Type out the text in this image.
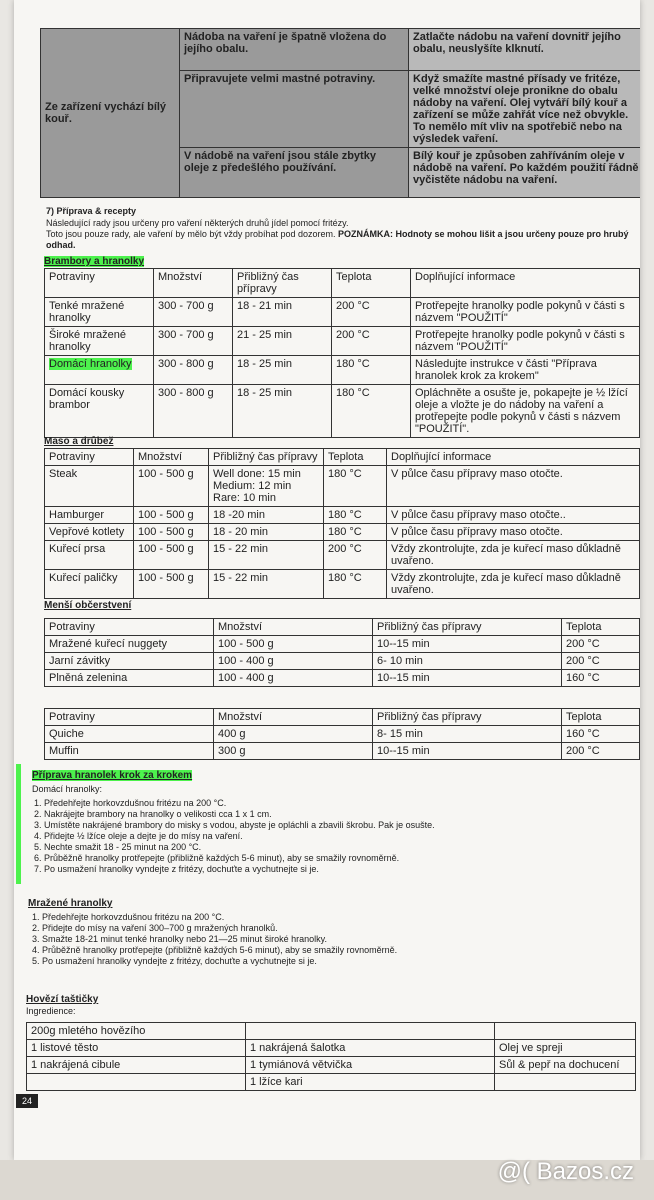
Ze zařízení vychází bílý kouř.	Nádoba na vaření je špatně vložena do jejího obalu.	Zatlačte nádobu na vaření dovnitř jejího obalu, neuslyšíte klknutí.
	Připravujete velmi mastné potraviny.	Když smažíte mastné přísady ve fritéze, velké množství oleje pronikne do obalu nádoby na vaření. Olej vytváří bílý kouř a zařízení se může zahřát více než obvykle. To nemělo mít vliv na spotřebič nebo na výsledek vaření.
	V nádobě na vaření jsou stále zbytky oleje z předešlého používání.	Bílý kouř je způsoben zahříváním oleje v nádobě na vaření. Po každém použití řádně vyčistěte nádobu na vaření.
7) Příprava & recepty
Následující rady jsou určeny pro vaření některých druhů jídel pomocí fritézy.
Toto jsou pouze rady, ale vaření by mělo být vždy probíhat pod dozorem. POZNÁMKA: Hodnoty se mohou lišit a jsou určeny pouze pro hrubý odhad.
Brambory a hranolky
Potraviny	Množství	Přibližný čas přípravy	Teplota	Doplňující informace
Tenké mražené hranolky	300 - 700 g	18 - 21 min	200 °C	Protřepejte hranolky podle pokynů v části s názvem "POUŽITÍ"
Široké mražené hranolky	300 - 700 g	21 - 25 min	200 °C	Protřepejte hranolky podle pokynů v části s názvem "POUŽITÍ"
Domácí hranolky	300 - 800 g	18 - 25 min	180 °C	Následujte instrukce v části "Příprava hranolek krok za krokem"
Domácí kousky brambor	300 - 800 g	18 - 25 min	180 °C	Opláchněte a osušte je, pokapejte je ½ lžící oleje a vložte je do nádoby na vaření a protřepejte podle pokynů v části s názvem "POUŽITÍ".
Maso a drůbež
Potraviny	Množství	Přibližný čas přípravy	Teplota	Doplňující informace
Steak	100 - 500 g	Well done: 15 min
Medium: 12 min
Rare: 10 min	180 °C	V půlce času přípravy maso otočte.
Hamburger	100 - 500 g	18 -20 min	180 °C	V půlce času přípravy maso otočte..
Vepřové kotlety	100 - 500 g	18 - 20 min	180 °C	V půlce času přípravy maso otočte.
Kuřecí prsa	100 - 500 g	15 - 22 min	200 °C	Vždy zkontrolujte, zda je kuřecí maso důkladně uvařeno.
Kuřecí paličky	100 - 500 g	15 - 22 min	180 °C	Vždy zkontrolujte, zda je kuřecí maso důkladně uvařeno.
Menší občerstvení
Potraviny	Množství	Přibližný čas přípravy	Teplota
Mražené kuřecí nuggety	100 - 500 g	10--15 min	200 °C
Jarní závitky	100 - 400 g	6- 10 min	200 °C
Plněná zelenina	100 - 400 g	10--15 min	160 °C
Potraviny	Množství	Přibližný čas přípravy	Teplota
Quiche	400 g	8- 15 min	160 °C
Muffin	300 g	10--15 min	200 °C
Příprava hranolek krok za krokem
Domácí hranolky:
1. Předehřejte horkovzdušnou fritézu na 200 °C.
2. Nakrájejte brambory na hranolky o velikosti cca 1 x 1 cm.
3. Umístěte nakrájené brambory do misky s vodou, abyste je opláchli a zbavili škrobu. Pak je osušte.
4. Přidejte ½ lžíce oleje a dejte je do mísy na vaření.
5. Nechte smažit 18 - 25 minut na 200 °C.
6. Průběžně hranolky protřepejte (přibližně každých 5-6 minut), aby se smažily rovnoměrně.
7. Po usmažení hranolky vyndejte z fritézy, dochuťte a vychutnejte si je.
Mražené hranolky
1. Předehřejte horkovzdušnou fritézu na 200 °C.
2. Přidejte do mísy na vaření 300–700 g mražených hranolků.
3. Smažte 18-21 minut tenké hranolky nebo 21—25 minut široké hranolky.
4. Průběžně hranolky protřepejte (přibližně každých 5-6 minut), aby se smažily rovnoměrně.
5. Po usmažení hranolky vyndejte z fritézy, dochuťte a vychutnejte si je.
Hovězí taštičky
Ingredience:
200g mletého hovězího		
1 listové těsto	1 nakrájená šalotka	Olej ve spreji
1 nakrájená cibule	1 tymiánová větvička	Sůl & pepř na dochucení
	1 lžíce kari	
24
@( Bazos.cz
